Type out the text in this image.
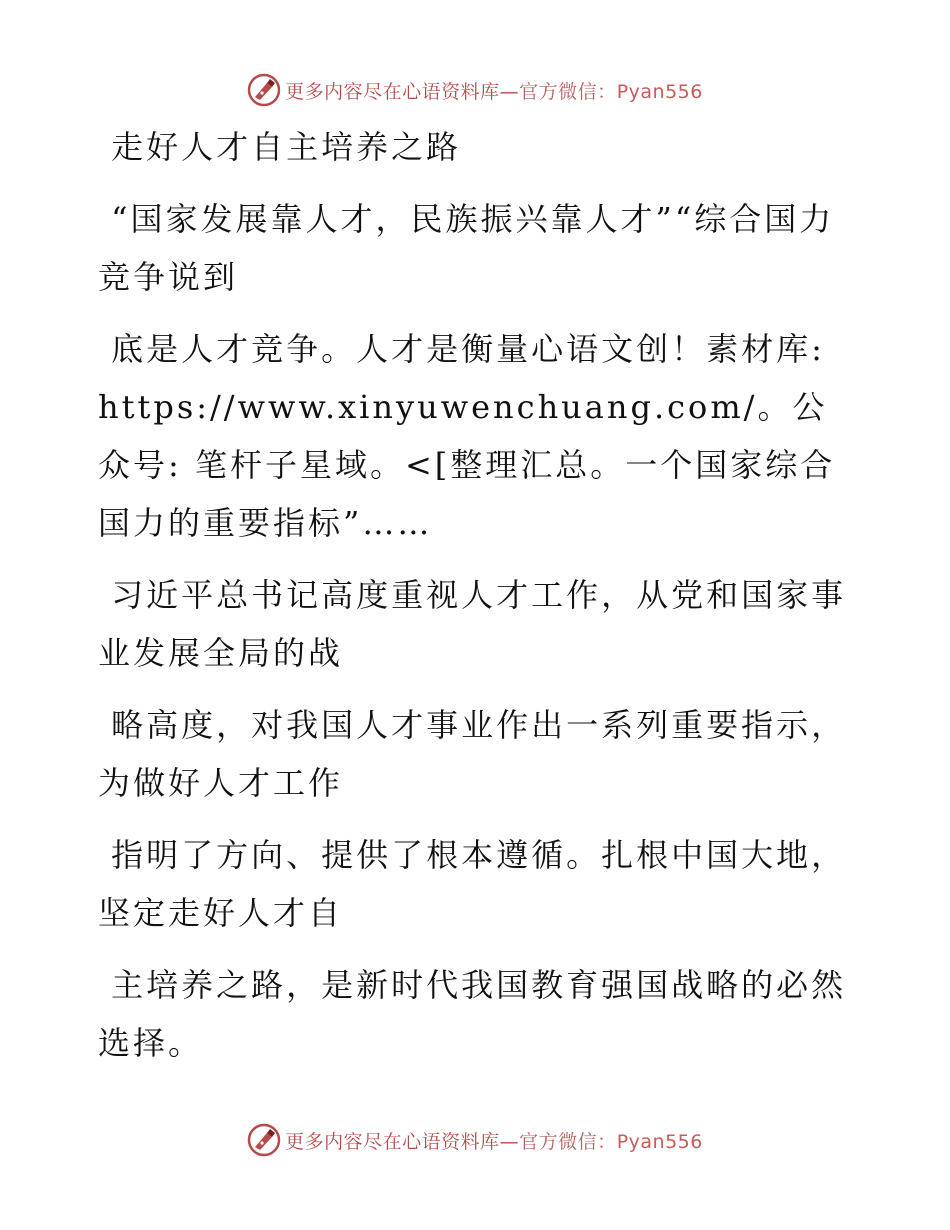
更多内容尽在心语资料库—官方微信：Pyan556

走好人才自主培养之路

“国家发展靠人才，民族振兴靠人才”“综合国力竞争说到

底是人才竞争。人才是衡量心语文创！素材库: https://www.xinyuwenchuang.com/。公众号: 笔杆子星域。<[整理汇总。一个国家综合国力的重要指标”……

习近平总书记高度重视人才工作，从党和国家事业发展全局的战

略高度，对我国人才事业作出一系列重要指示，为做好人才工作

指明了方向、提供了根本遵循。扎根中国大地，坚定走好人才自

主培养之路，是新时代我国教育强国战略的必然选择。

更多内容尽在心语资料库—官方微信：Pyan556
